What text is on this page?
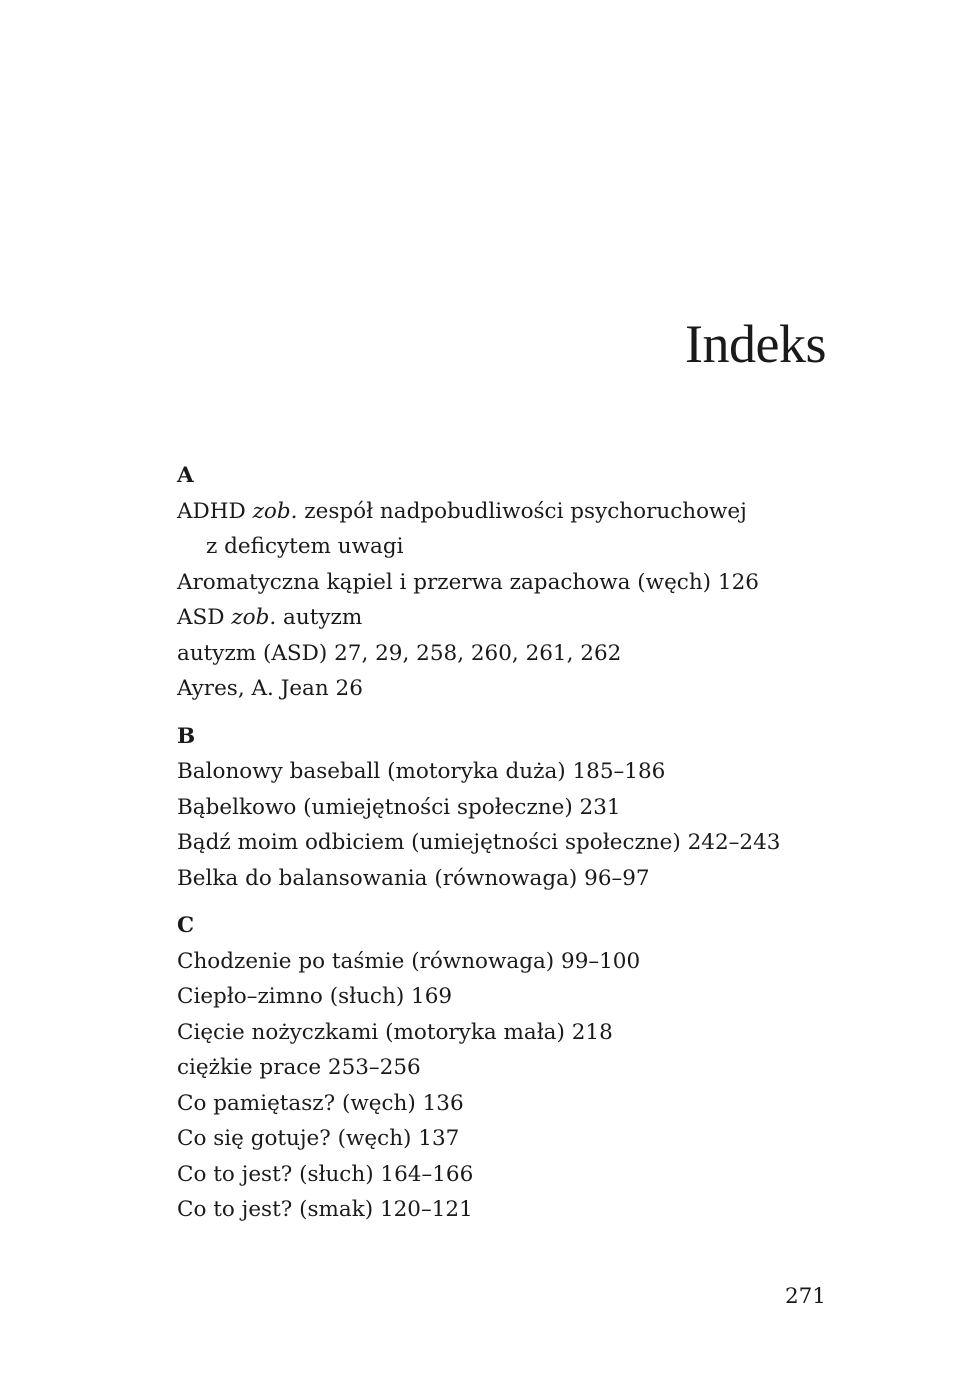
Indeks
A
ADHD zob. zespół nadpobudliwości psychoruchowej
z deficytem uwagi
Aromatyczna kąpiel i przerwa zapachowa (węch) 126
ASD zob. autyzm
autyzm (ASD) 27, 29, 258, 260, 261, 262
Ayres, A. Jean 26
B
Balonowy baseball (motoryka duża) 185–186
Bąbelkowo (umiejętności społeczne) 231
Bądź moim odbiciem (umiejętności społeczne) 242–243
Belka do balansowania (równowaga) 96–97
C
Chodzenie po taśmie (równowaga) 99–100
Ciepło–zimno (słuch) 169
Cięcie nożyczkami (motoryka mała) 218
ciężkie prace 253–256
Co pamiętasz? (węch) 136
Co się gotuje? (węch) 137
Co to jest? (słuch) 164–166
Co to jest? (smak) 120–121
271
